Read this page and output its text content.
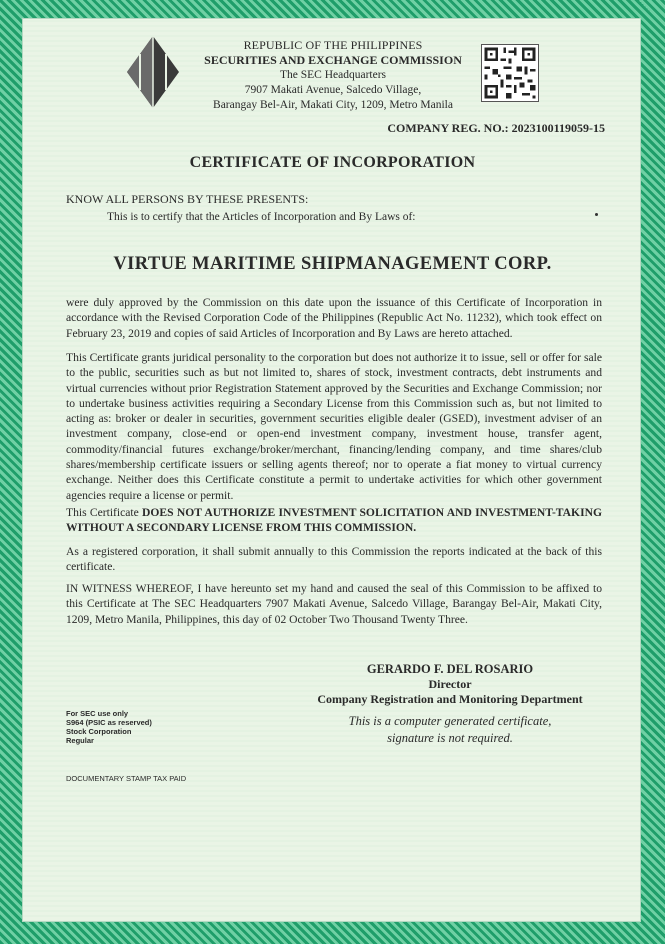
REPUBLIC OF THE PHILIPPINES
SECURITIES AND EXCHANGE COMMISSION
The SEC Headquarters
7907 Makati Avenue, Salcedo Village,
Barangay Bel-Air, Makati City, 1209, Metro Manila
COMPANY REG. NO.: 2023100119059-15
CERTIFICATE OF INCORPORATION
KNOW ALL PERSONS BY THESE PRESENTS:
This is to certify that the Articles of Incorporation and By Laws of:
VIRTUE MARITIME SHIPMANAGEMENT CORP.
were duly approved by the Commission on this date upon the issuance of this Certificate of Incorporation in accordance with the Revised Corporation Code of the Philippines (Republic Act No. 11232), which took effect on February 23, 2019 and copies of said Articles of Incorporation and By Laws are hereto attached.
This Certificate grants juridical personality to the corporation but does not authorize it to issue, sell or offer for sale to the public, securities such as but not limited to, shares of stock, investment contracts, debt instruments and virtual currencies without prior Registration Statement approved by the Securities and Exchange Commission; nor to undertake business activities requiring a Secondary License from this Commission such as, but not limited to acting as: broker or dealer in securities, government securities eligible dealer (GSED), investment adviser of an investment company, close-end or open-end investment company, investment house, transfer agent, commodity/financial futures exchange/broker/merchant, financing/lending company, and time shares/club shares/membership certificate issuers or selling agents thereof; nor to operate a fiat money to virtual currency exchange. Neither does this Certificate constitute a permit to undertake activities for which other government agencies require a license or permit.
This Certificate DOES NOT AUTHORIZE INVESTMENT SOLICITATION AND INVESTMENT-TAKING WITHOUT A SECONDARY LICENSE FROM THIS COMMISSION.
As a registered corporation, it shall submit annually to this Commission the reports indicated at the back of this certificate.
IN WITNESS WHEREOF, I have hereunto set my hand and caused the seal of this Commission to be affixed to this Certificate at The SEC Headquarters 7907 Makati Avenue, Salcedo Village, Barangay Bel-Air, Makati City, 1209, Metro Manila, Philippines, this day of 02 October Two Thousand Twenty Three.
GERARDO F. DEL ROSARIO
Director
Company Registration and Monitoring Department
This is a computer generated certificate,
signature is not required.
For SEC use only
S964 (PSIC as reserved)
Stock Corporation
Regular
DOCUMENTARY STAMP TAX PAID
